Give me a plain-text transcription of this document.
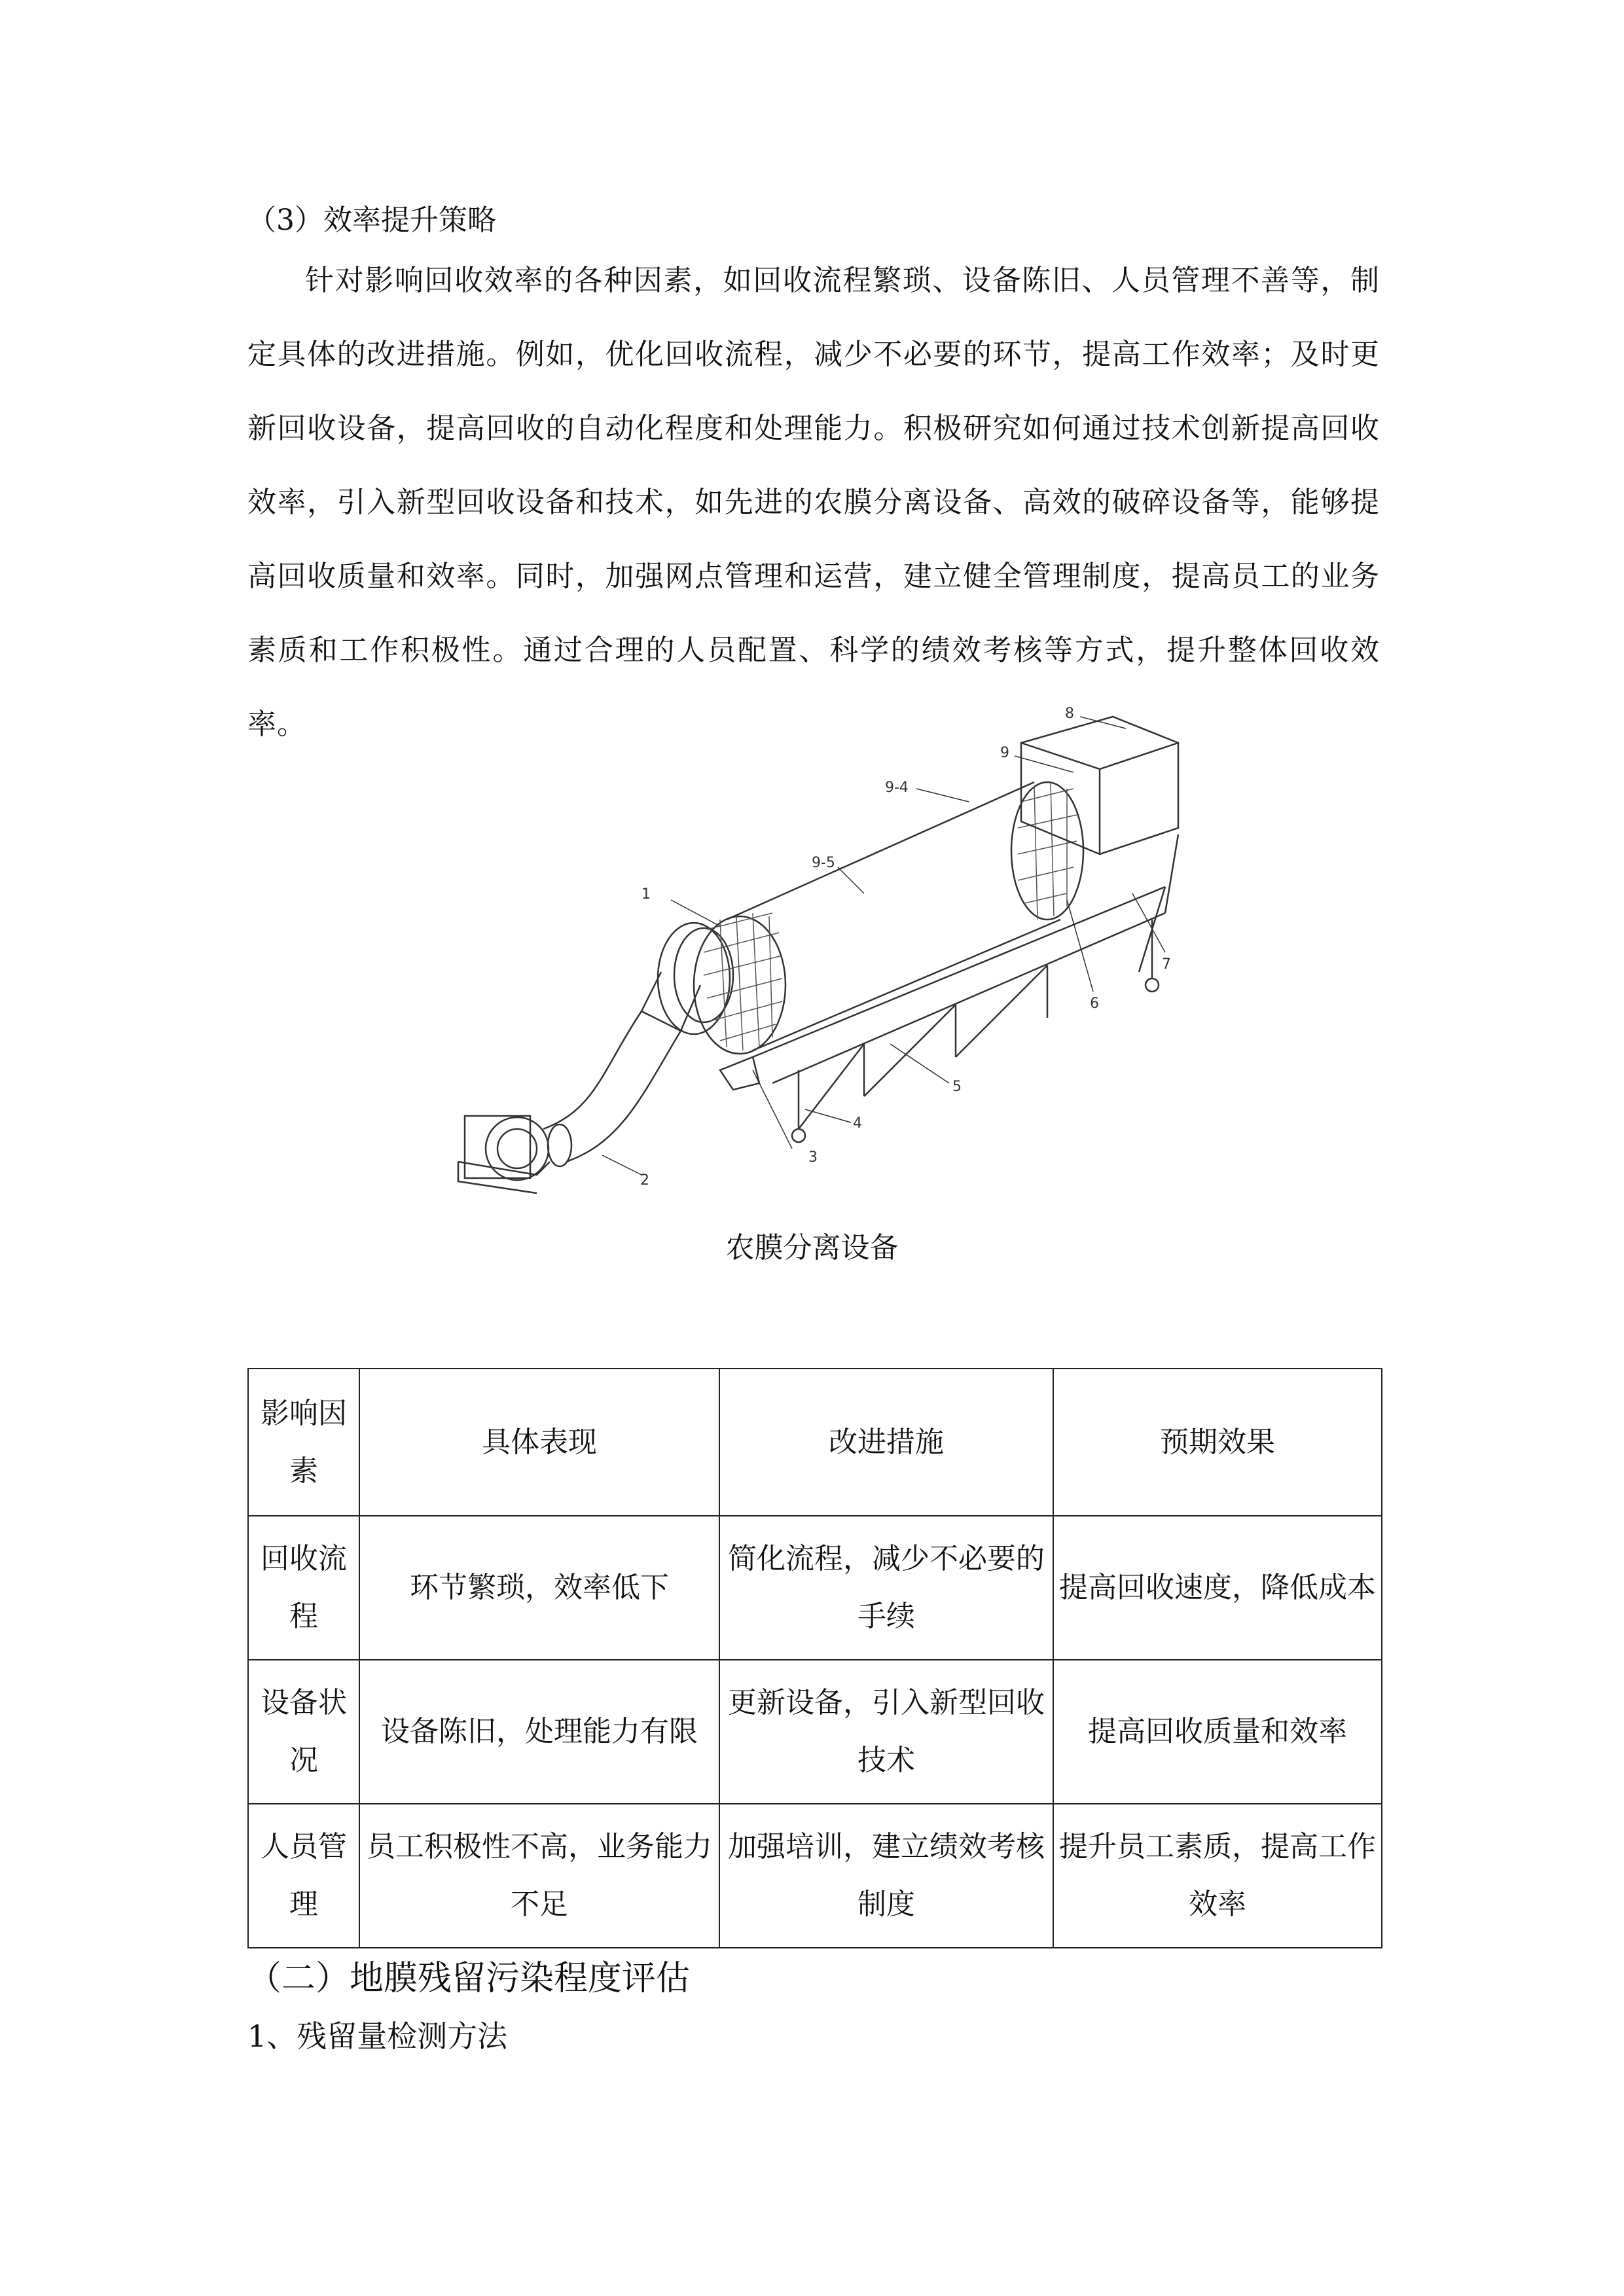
（3）效率提升策略
针对影响回收效率的各种因素，如回收流程繁琐、设备陈旧、人员管理不善等，制定具体的改进措施。例如，优化回收流程，减少不必要的环节，提高工作效率；及时更新回收设备，提高回收的自动化程度和处理能力。积极研究如何通过技术创新提高回收效率，引入新型回收设备和技术，如先进的农膜分离设备、高效的破碎设备等，能够提高回收质量和效率。同时，加强网点管理和运营，建立健全管理制度，提高员工的业务素质和工作积极性。通过合理的人员配置、科学的绩效考核等方式，提升整体回收效率。
1
2
3
4
5
6
7
8
9
9-4
9-5
农膜分离设备
影响因素	具体表现	改进措施	预期效果
回收流程	环节繁琐，效率低下	简化流程，减少不必要的手续	提高回收速度，降低成本
设备状况	设备陈旧，处理能力有限	更新设备，引入新型回收技术	提高回收质量和效率
人员管理	员工积极性不高，业务能力不足	加强培训，建立绩效考核制度	提升员工素质，提高工作效率
（二）地膜残留污染程度评估
1、残留量检测方法
